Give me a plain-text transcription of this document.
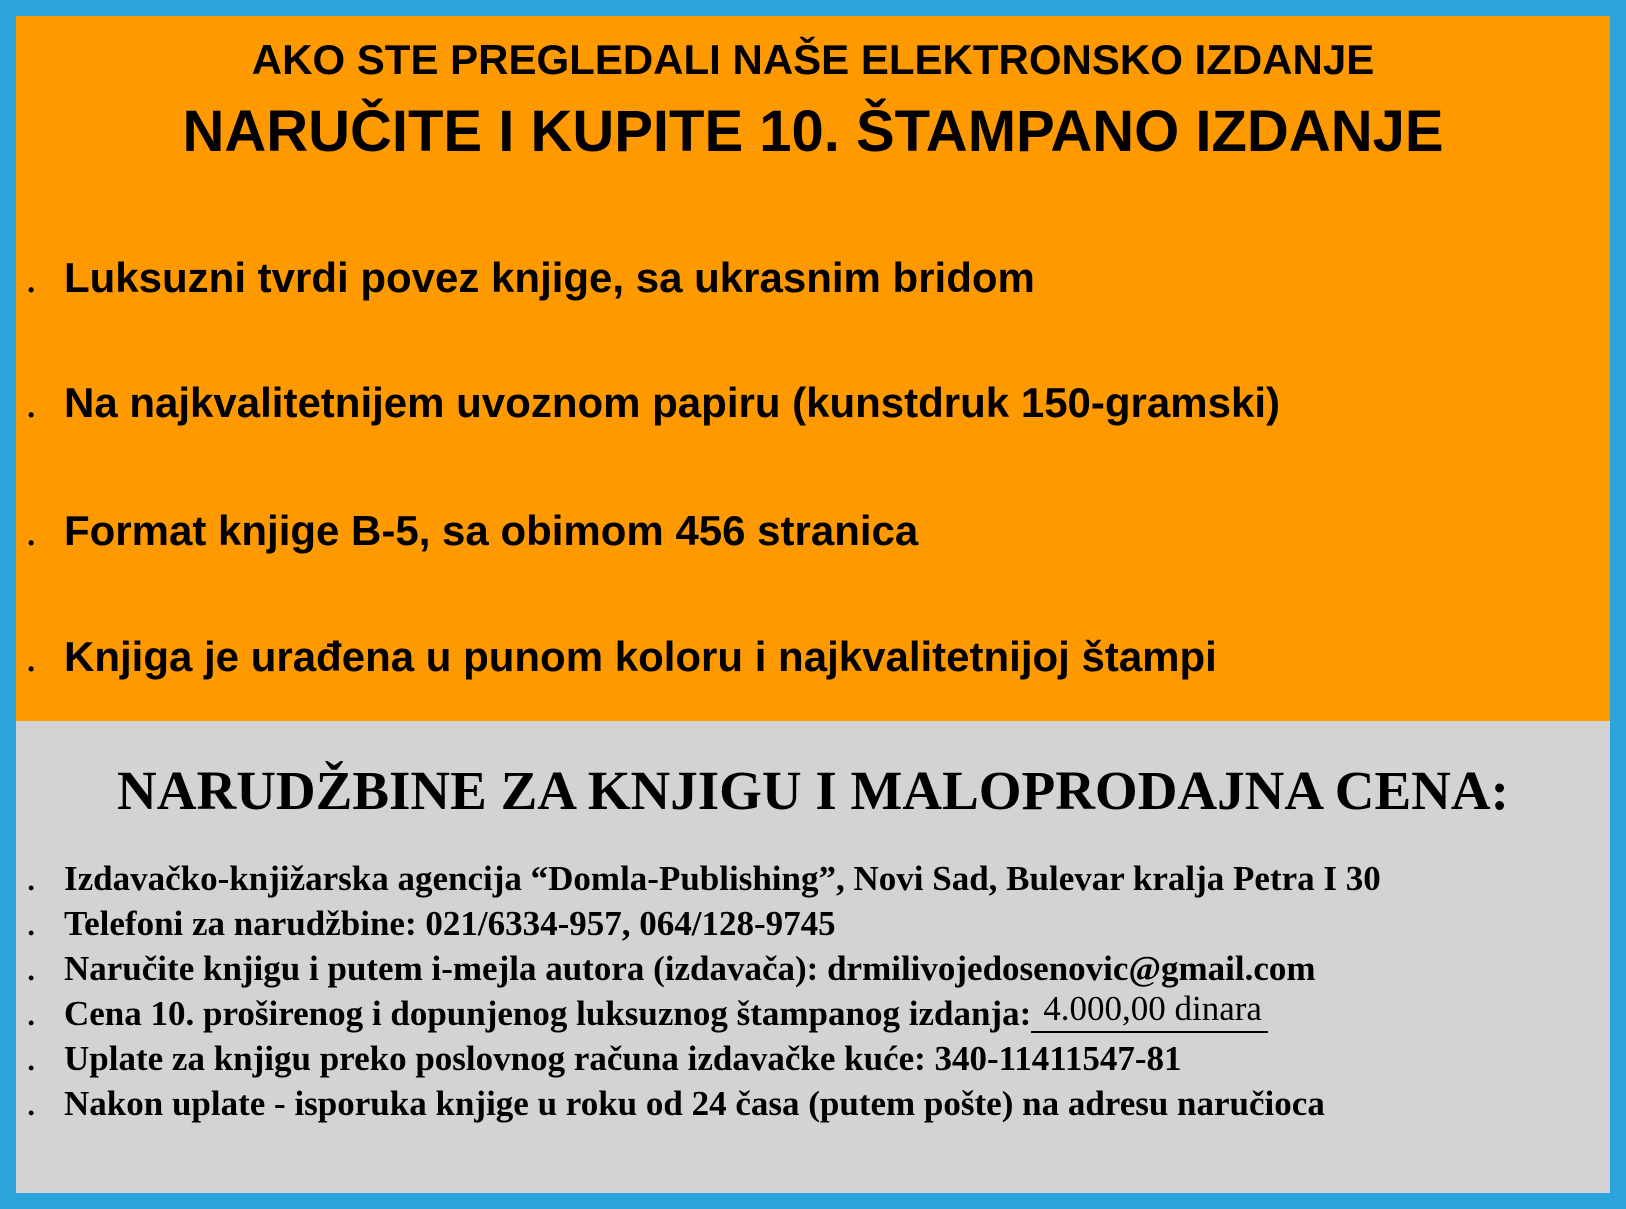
AKO STE PREGLEDALI NAŠE ELEKTRONSKO IZDANJE
NARUČITE I KUPITE 10. ŠTAMPANO IZDANJE
• Luksuzni tvrdi povez knjige, sa ukrasnim bridom
• Na najkvalitetnijem uvoznom papiru (kunstdruk 150-gramski)
• Format knjige B-5, sa obimom 456 stranica
• Knjiga je urađena u punom koloru i najkvalitetnijoj štampi
NARUDŽBINE ZA KNJIGU I MALOPRODAJNA CENA:
• Izdavačko-knjižarska agencija “Domla-Publishing”, Novi Sad, Bulevar kralja Petra I 30
• Telefoni za narudžbine: 021/6334-957, 064/128-9745
• Naručite knjigu i putem i-mejla autora (izdavača): drmilivojedosenovic@gmail.com
• Cena 10. proširenog i dopunjenog luksuznog štampanog izdanja: 4.000,00 dinara
• Uplate za knjigu preko poslovnog računa izdavačke kuće: 340-11411547-81
• Nakon uplate - isporuka knjige u roku od 24 časa (putem pošte) na adresu naručioca
